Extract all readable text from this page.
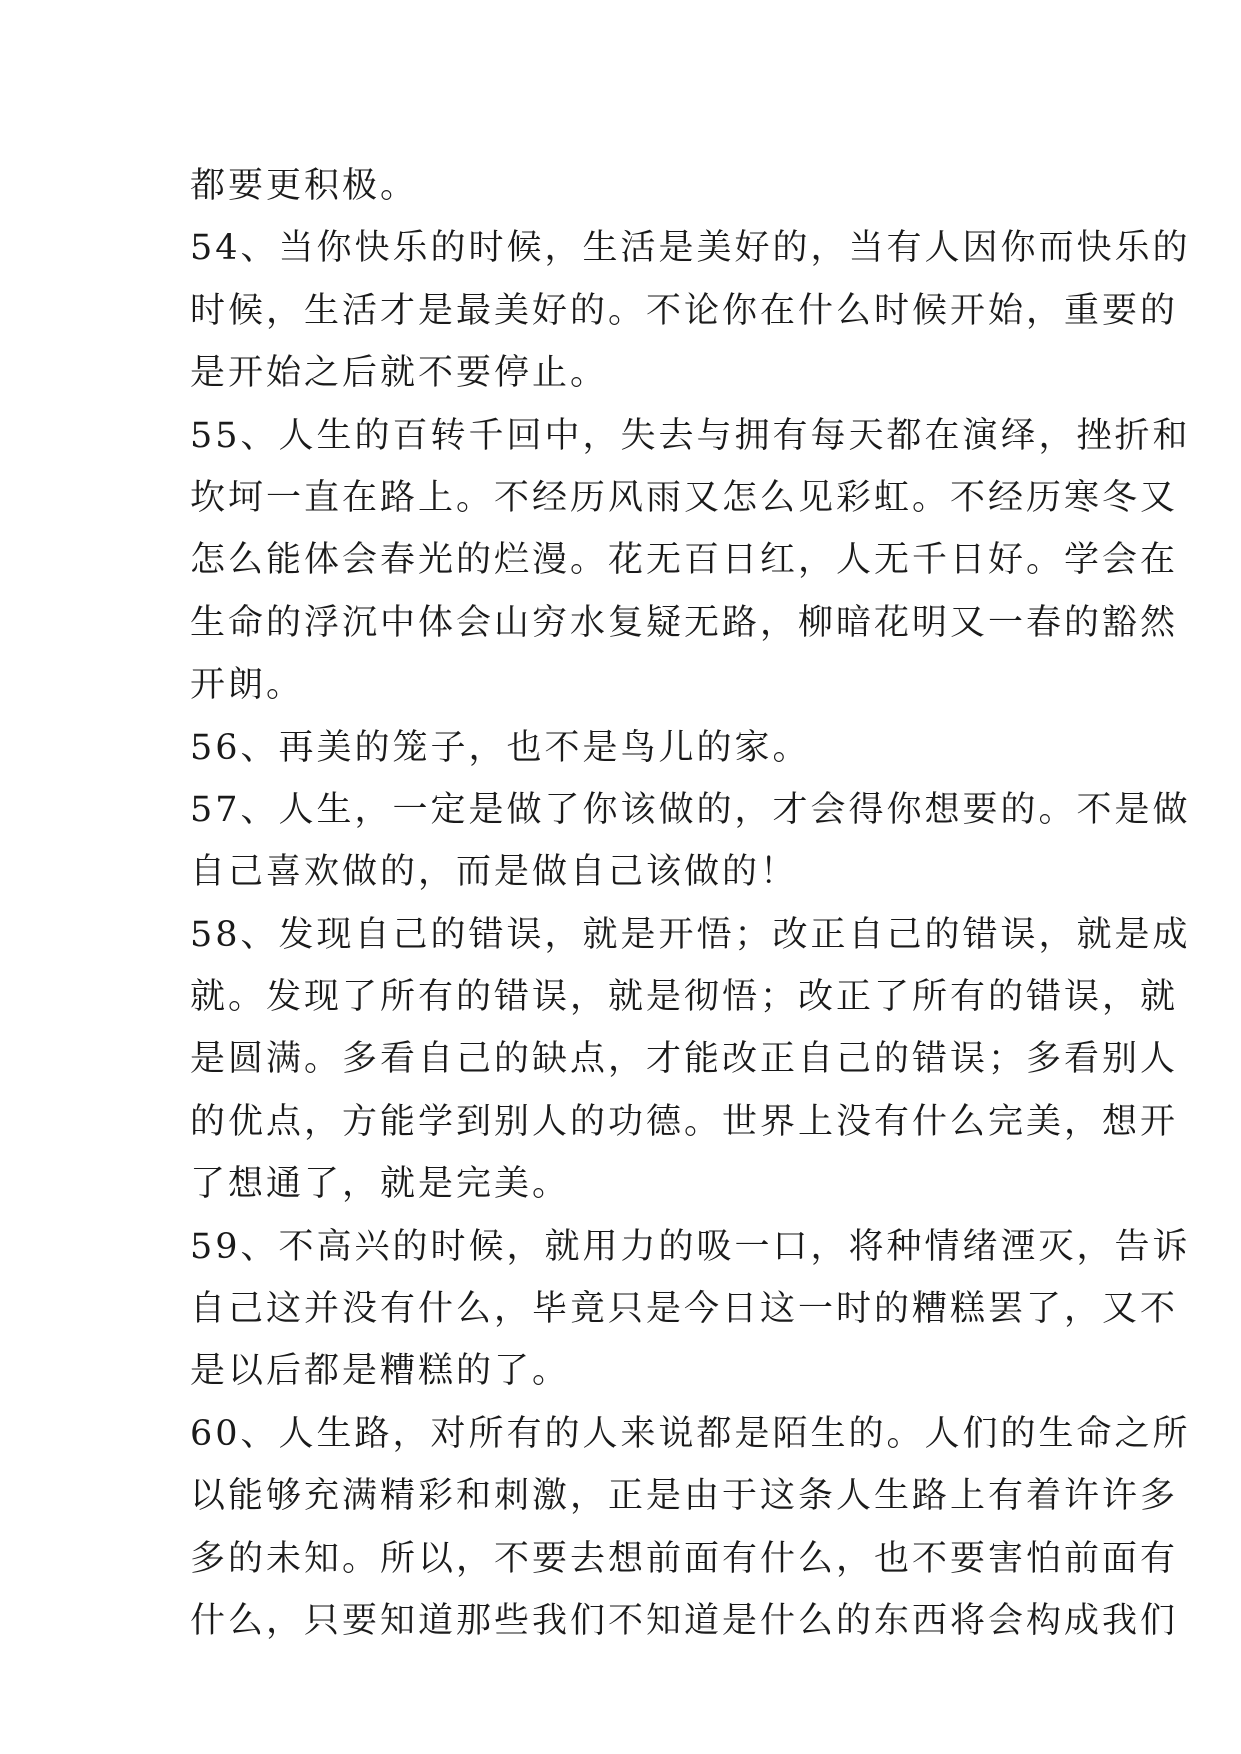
都要更积极。
54、当你快乐的时候，生活是美好的，当有人因你而快乐的
时候，生活才是最美好的。不论你在什么时候开始，重要的
是开始之后就不要停止。
55、人生的百转千回中，失去与拥有每天都在演绎，挫折和
坎坷一直在路上。不经历风雨又怎么见彩虹。不经历寒冬又
怎么能体会春光的烂漫。花无百日红，人无千日好。学会在
生命的浮沉中体会山穷水复疑无路，柳暗花明又一春的豁然
开朗。
56、再美的笼子，也不是鸟儿的家。
57、人生，一定是做了你该做的，才会得你想要的。不是做
自己喜欢做的，而是做自己该做的！
58、发现自己的错误，就是开悟；改正自己的错误，就是成
就。发现了所有的错误，就是彻悟；改正了所有的错误，就
是圆满。多看自己的缺点，才能改正自己的错误；多看别人
的优点，方能学到别人的功德。世界上没有什么完美，想开
了想通了，就是完美。
59、不高兴的时候，就用力的吸一口，将种情绪湮灭，告诉
自己这并没有什么，毕竟只是今日这一时的糟糕罢了，又不
是以后都是糟糕的了。
60、人生路，对所有的人来说都是陌生的。人们的生命之所
以能够充满精彩和刺激，正是由于这条人生路上有着许许多
多的未知。所以，不要去想前面有什么，也不要害怕前面有
什么，只要知道那些我们不知道是什么的东西将会构成我们
